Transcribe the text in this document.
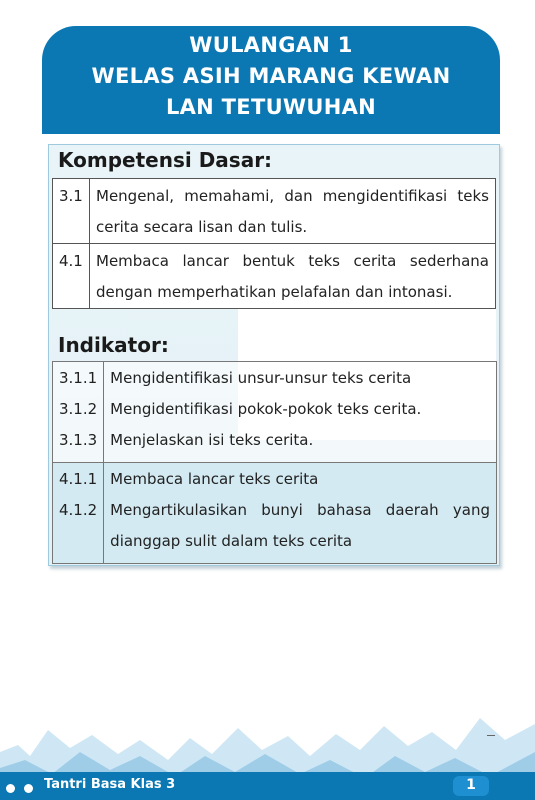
WULANGAN 1

WELAS ASIH MARANG KEWAN

LAN TETUWUHAN

Kompetensi Dasar:
3.1	Mengenal, memahami, dan mengidentifikasi teks cerita secara lisan dan tulis.
4.1	Membaca lancar bentuk teks cerita sederhana dengan memperhatikan pelafalan dan intonasi.
Indikator:
3.1.1	Mengidentifikasi unsur-unsur teks cerita
3.1.2	Mengidentifikasi pokok-pokok teks cerita.
3.1.3	Menjelaskan isi teks cerita.
4.1.1	Membaca lancar teks cerita
4.1.2	Mengartikulasikan bunyi bahasa daerah yang dianggap sulit dalam teks cerita
Tantri Basa Klas 3	1
